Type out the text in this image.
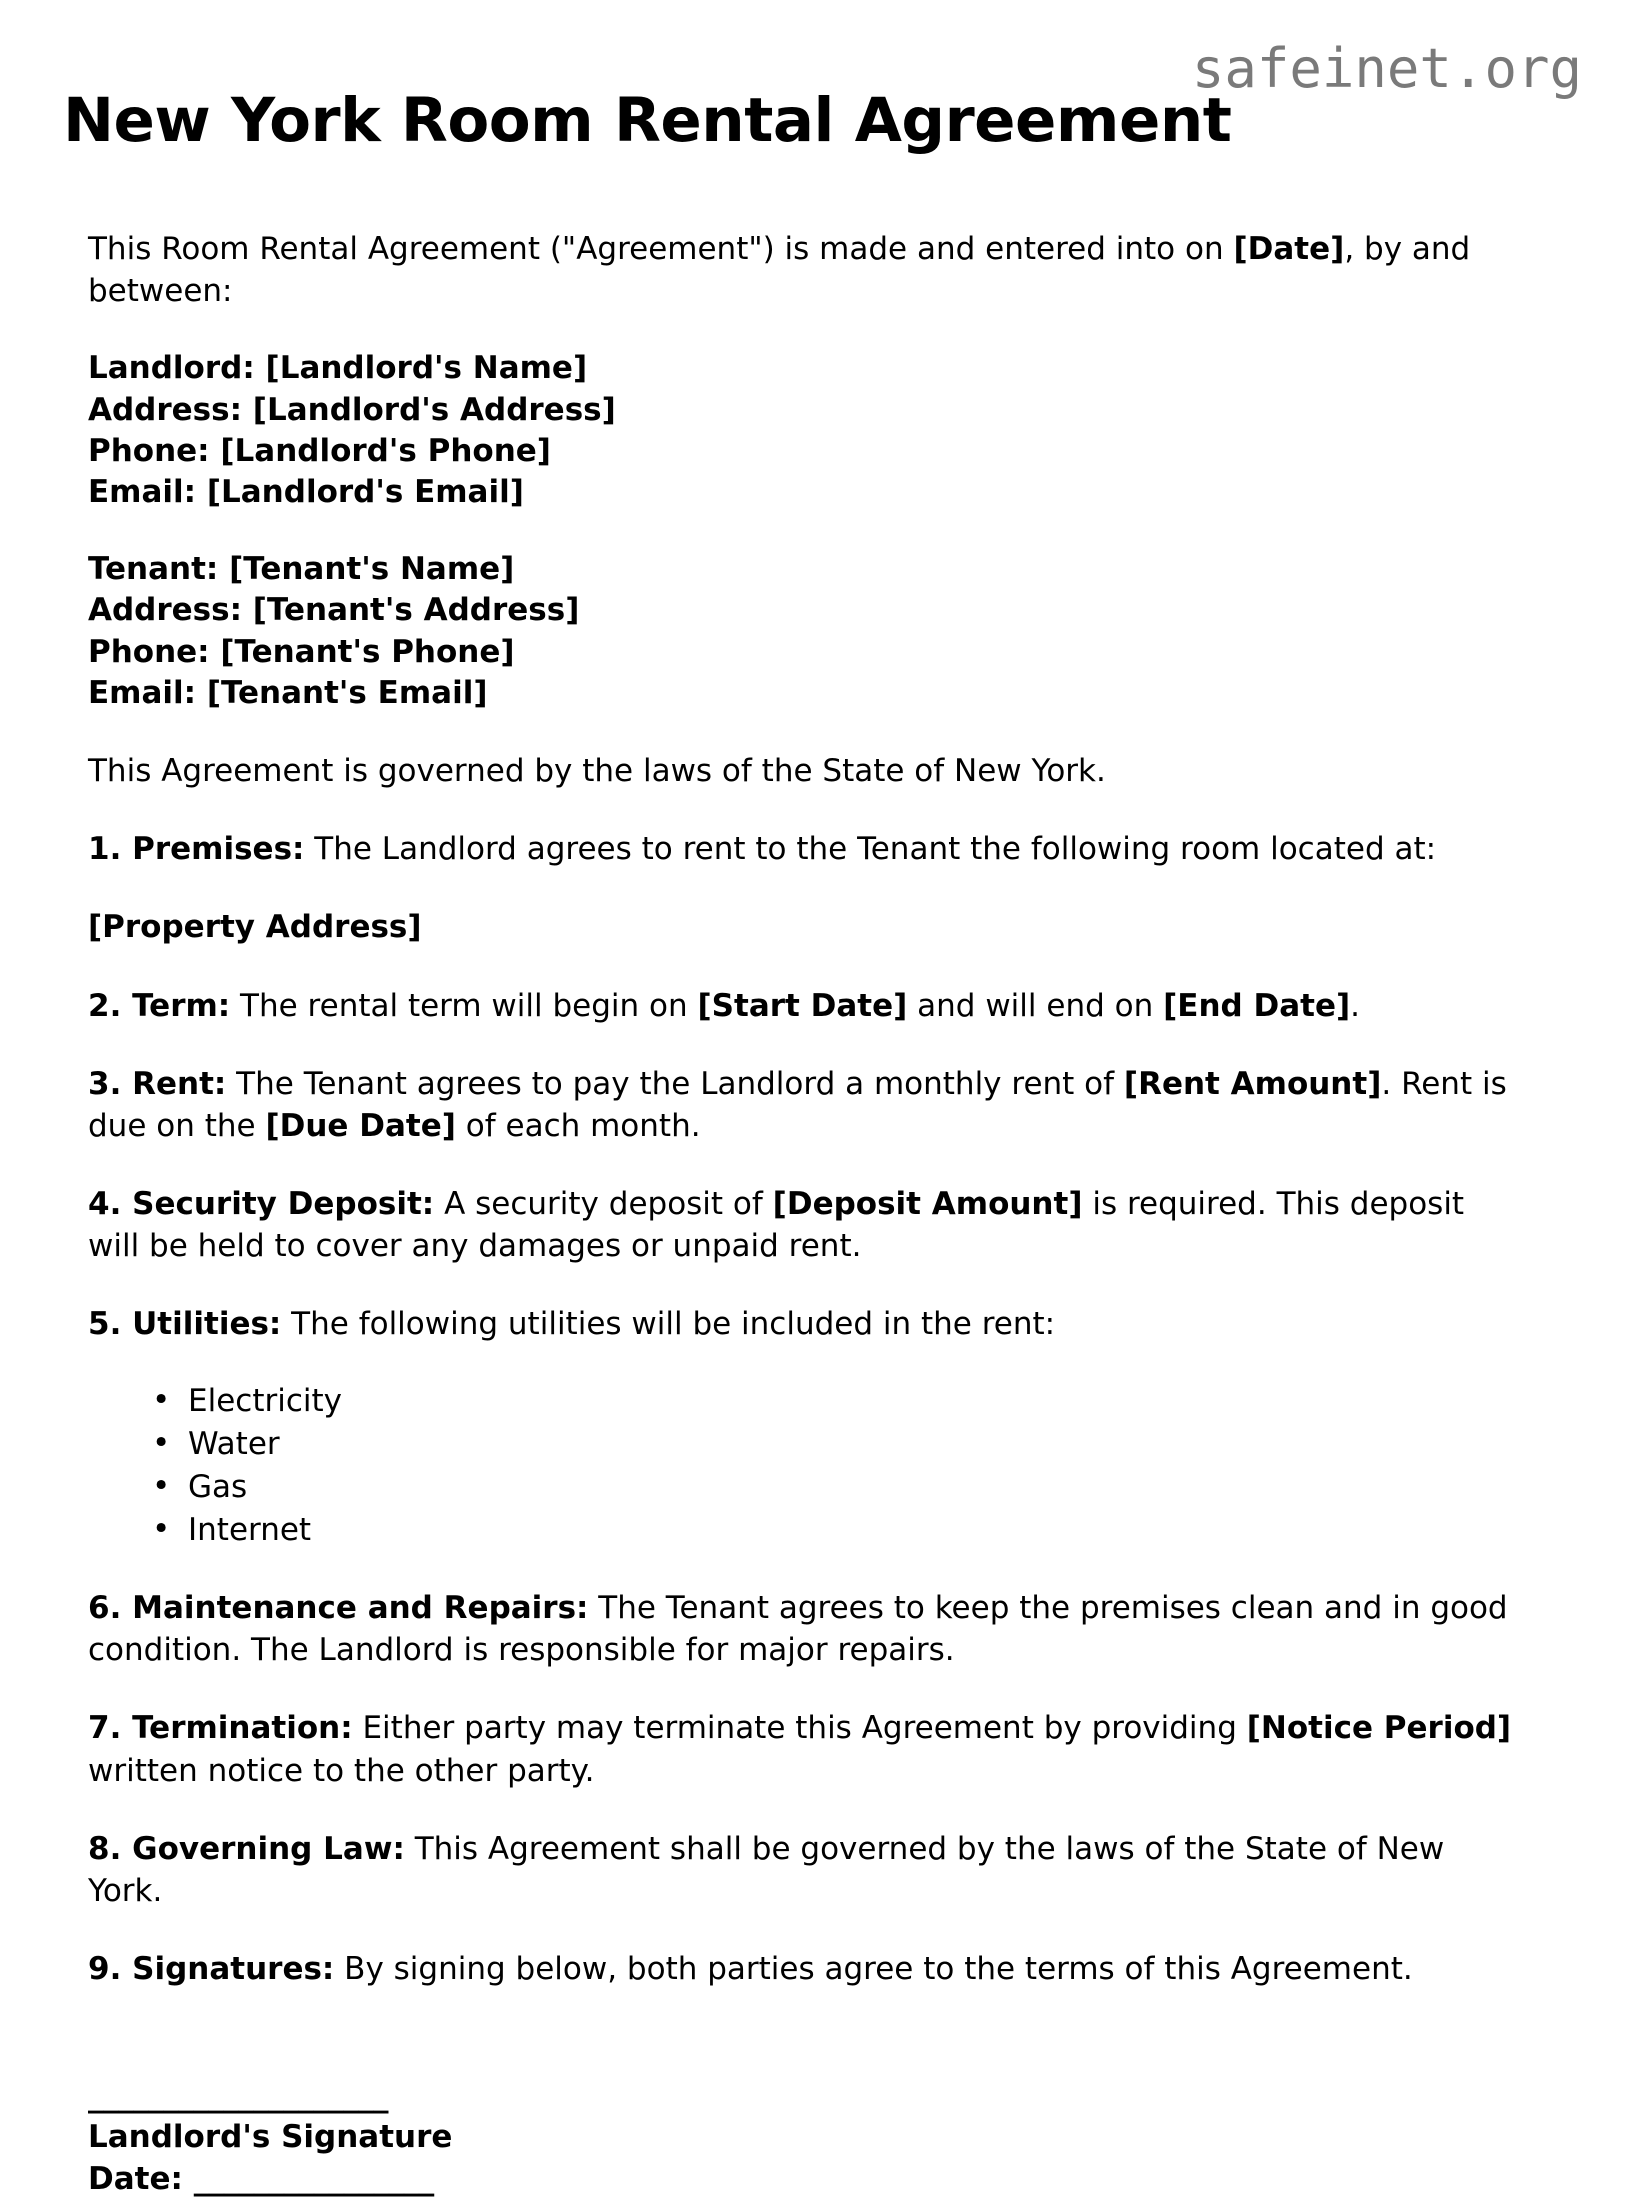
safeinet.org
New York Room Rental Agreement

This Room Rental Agreement ("Agreement") is made and entered into on [Date], by and between:

Landlord: [Landlord's Name]
Address: [Landlord's Address]
Phone: [Landlord's Phone]
Email: [Landlord's Email]
Tenant: [Tenant's Name]
Address: [Tenant's Address]
Phone: [Tenant's Phone]
Email: [Tenant's Email]

This Agreement is governed by the laws of the State of New York.

1. Premises: The Landlord agrees to rent to the Tenant the following room located at:

[Property Address]

2. Term: The rental term will begin on [Start Date] and will end on [End Date].

3. Rent: The Tenant agrees to pay the Landlord a monthly rent of [Rent Amount]. Rent is due on the [Due Date] of each month.

4. Security Deposit: A security deposit of [Deposit Amount] is required. This deposit will be held to cover any damages or unpaid rent.

5. Utilities: The following utilities will be included in the rent:

• Electricity
• Water
• Gas
• Internet

6. Maintenance and Repairs: The Tenant agrees to keep the premises clean and in good condition. The Landlord is responsible for major repairs.

7. Termination: Either party may terminate this Agreement by providing [Notice Period] written notice to the other party.

8. Governing Law: This Agreement shall be governed by the laws of the State of New York.

9. Signatures: By signing below, both parties agree to the terms of this Agreement.

____________________
Landlord's Signature
Date: ________________
